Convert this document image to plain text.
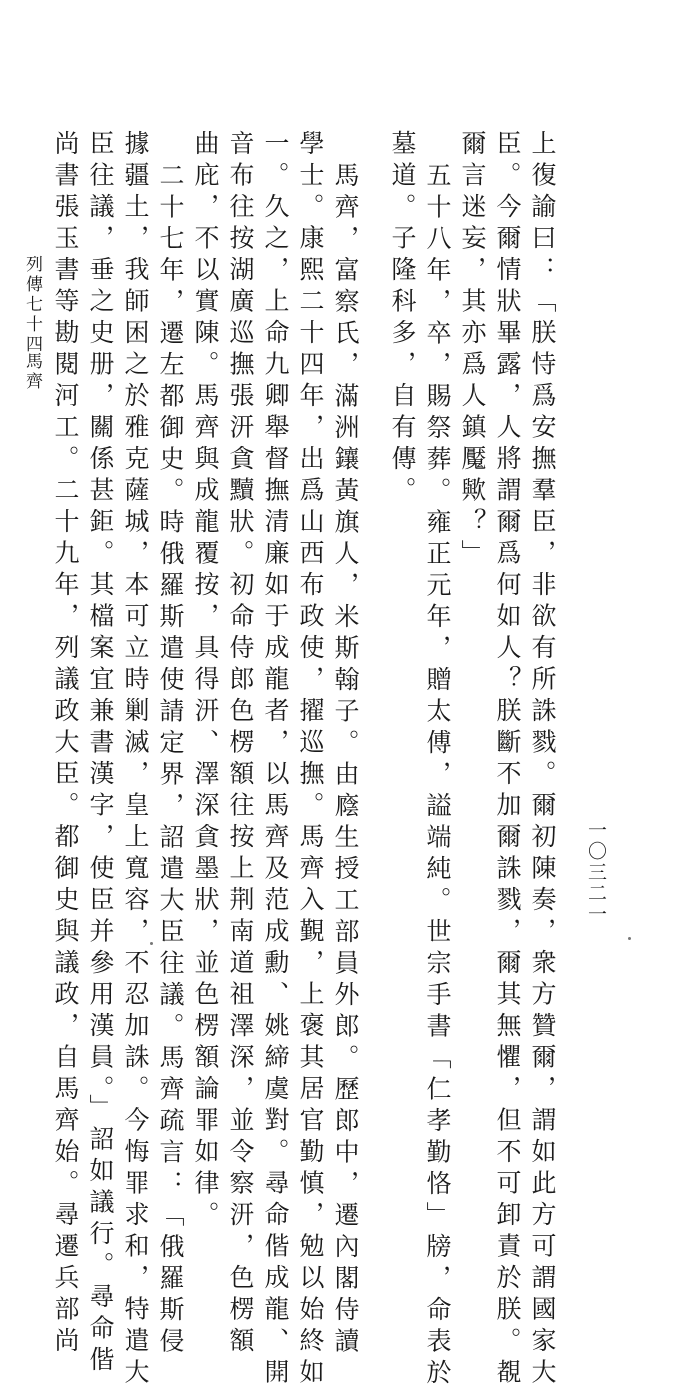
上復諭曰：「朕恃爲安撫羣臣，非欲有所誅戮。爾初陳奏，衆方贊爾，謂如此方可謂國家大
臣。今爾情狀畢露，人將謂爾爲何如人？朕斷不加爾誅戮，爾其無懼，但不可卸責於朕。覩
爾言迷妄，其亦爲人鎮魘歟？」
五十八年，卒，賜祭葬。雍正元年，贈太傅，謚端純。世宗手書「仁孝勤恪」牓，命表於
墓道。子隆科多，自有傳。
馬齊，富察氏，滿洲鑲黃旗人，米斯翰子。由廕生授工部員外郎。歷郎中，遷內閣侍讀
學士。康熙二十四年，出爲山西布政使，擢巡撫。馬齊入覲，上褒其居官勤慎，勉以始終如
一。久之，上命九卿舉督撫清廉如于成龍者，以馬齊及范成勳、姚締虞對。尋命偕成龍、開
音布往按湖廣巡撫張汧貪黷狀。初命侍郎色楞額往按上荆南道祖澤深，並令察汧，色楞額
曲庇，不以實陳。馬齊與成龍覆按，具得汧、澤深貪墨狀，並色楞額論罪如律。
二十七年，遷左都御史。時俄羅斯遣使請定界，詔遣大臣往議。馬齊疏言：「俄羅斯侵
據疆土，我師困之於雅克薩城，本可立時剿滅，皇上寬容，不忍加誅。今悔罪求和，特遣大
臣往議，垂之史册，關係甚鉅。其檔案宜兼書漢字，使臣并參用漢員。」詔如議行。尋命偕
尚書張玉書等勘閱河工。二十九年，列議政大臣。都御史與議政，自馬齊始。尋遷兵部尚
列傳七十四
馬齊
一〇三二一
